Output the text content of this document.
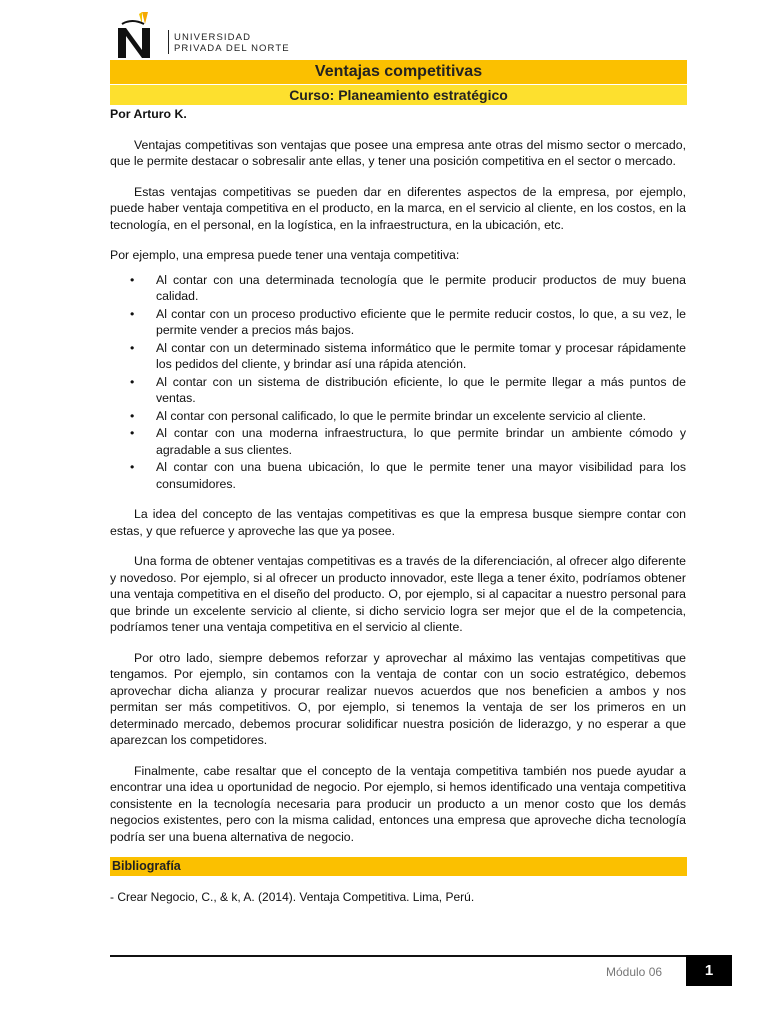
UNIVERSIDAD
PRIVADA DEL NORTE
Ventajas competitivas
Curso: Planeamiento estratégico

Por Arturo K.

Ventajas competitivas son ventajas que posee una empresa ante otras del mismo sector o mercado, que le permite destacar o sobresalir ante ellas, y tener una posición competitiva en el sector o mercado.

Estas ventajas competitivas se pueden dar en diferentes aspectos de la empresa, por ejemplo, puede haber ventaja competitiva en el producto, en la marca, en el servicio al cliente, en los costos, en la tecnología, en el personal, en la logística, en la infraestructura, en la ubicación, etc.

Por ejemplo, una empresa puede tener una ventaja competitiva:

• Al contar con una determinada tecnología que le permite producir productos de muy buena calidad.
• Al contar con un proceso productivo eficiente que le permite reducir costos, lo que, a su vez, le permite vender a precios más bajos.
• Al contar con un determinado sistema informático que le permite tomar y procesar rápidamente los pedidos del cliente, y brindar así una rápida atención.
• Al contar con un sistema de distribución eficiente, lo que le permite llegar a más puntos de ventas.
• Al contar con personal calificado, lo que le permite brindar un excelente servicio al cliente.
• Al contar con una moderna infraestructura, lo que permite brindar un ambiente cómodo y agradable a sus clientes.
• Al contar con una buena ubicación, lo que le permite tener una mayor visibilidad para los consumidores.

La idea del concepto de las ventajas competitivas es que la empresa busque siempre contar con estas, y que refuerce y aproveche las que ya posee.

Una forma de obtener ventajas competitivas es a través de la diferenciación, al ofrecer algo diferente y novedoso. Por ejemplo, si al ofrecer un producto innovador, este llega a tener éxito, podríamos obtener una ventaja competitiva en el diseño del producto. O, por ejemplo, si al capacitar a nuestro personal para que brinde un excelente servicio al cliente, si dicho servicio logra ser mejor que el de la competencia, podríamos tener una ventaja competitiva en el servicio al cliente.

Por otro lado, siempre debemos reforzar y aprovechar al máximo las ventajas competitivas que tengamos. Por ejemplo, sin contamos con la ventaja de contar con un socio estratégico, debemos aprovechar dicha alianza y procurar realizar nuevos acuerdos que nos beneficien a ambos y nos permitan ser más competitivos. O, por ejemplo, si tenemos la ventaja de ser los primeros en un determinado mercado, debemos procurar solidificar nuestra posición de liderazgo, y no esperar a que aparezcan los competidores.

Finalmente, cabe resaltar que el concepto de la ventaja competitiva también nos puede ayudar a encontrar una idea u oportunidad de negocio. Por ejemplo, si hemos identificado una ventaja competitiva consistente en la tecnología necesaria para producir un producto a un menor costo que los demás negocios existentes, pero con la misma calidad, entonces una empresa que aproveche dicha tecnología podría ser una buena alternativa de negocio.

Bibliografía
- Crear Negocio, C., & k, A. (2014). Ventaja Competitiva. Lima, Perú.
Módulo 06	1
